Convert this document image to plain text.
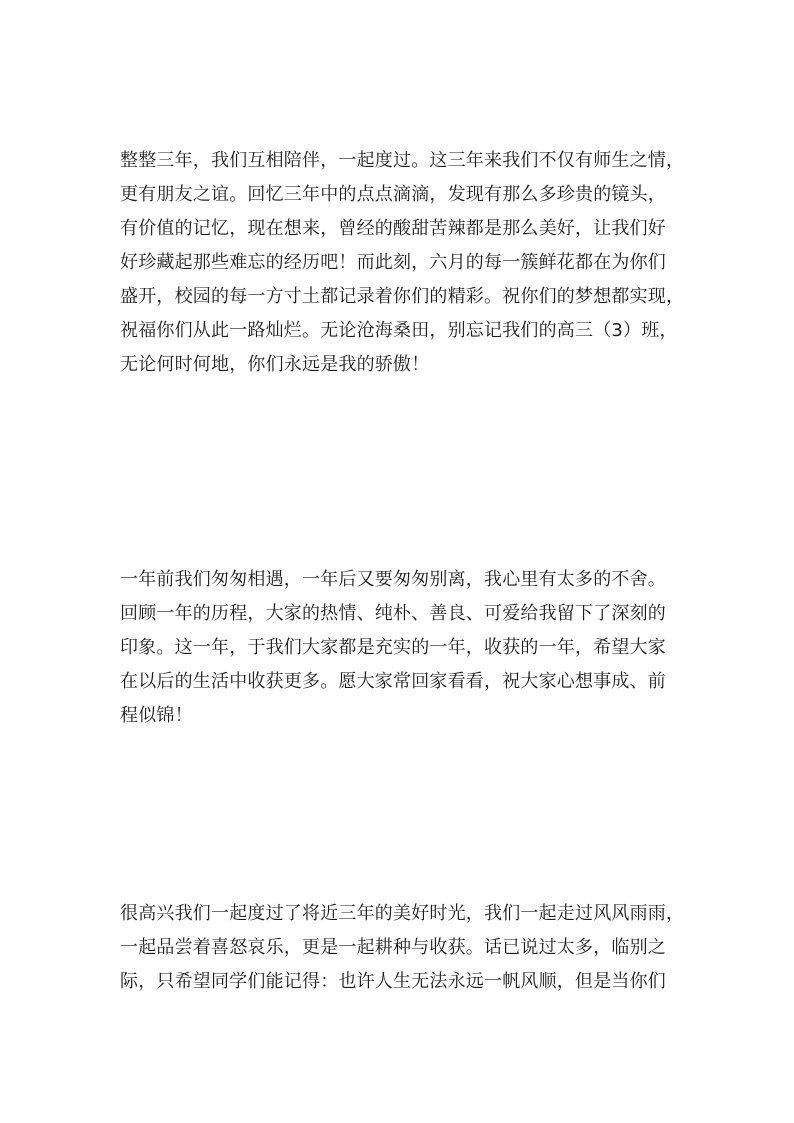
整整三年，我们互相陪伴，一起度过。这三年来我们不仅有师生之情，
更有朋友之谊。回忆三年中的点点滴滴，发现有那么多珍贵的镜头，
有价值的记忆，现在想来，曾经的酸甜苦辣都是那么美好，让我们好
好珍藏起那些难忘的经历吧！而此刻，六月的每一簇鲜花都在为你们
盛开，校园的每一方寸土都记录着你们的精彩。祝你们的梦想都实现，
祝福你们从此一路灿烂。无论沧海桑田，别忘记我们的高三（3）班，
无论何时何地，你们永远是我的骄傲！
一年前我们匆匆相遇，一年后又要匆匆别离，我心里有太多的不舍。
回顾一年的历程，大家的热情、纯朴、善良、可爱给我留下了深刻的
印象。这一年，于我们大家都是充实的一年，收获的一年，希望大家
在以后的生活中收获更多。愿大家常回家看看，祝大家心想事成、前
程似锦！
很高兴我们一起度过了将近三年的美好时光，我们一起走过风风雨雨，
一起品尝着喜怒哀乐，更是一起耕种与收获。话已说过太多，临别之
际，只希望同学们能记得：也许人生无法永远一帆风顺，但是当你们
